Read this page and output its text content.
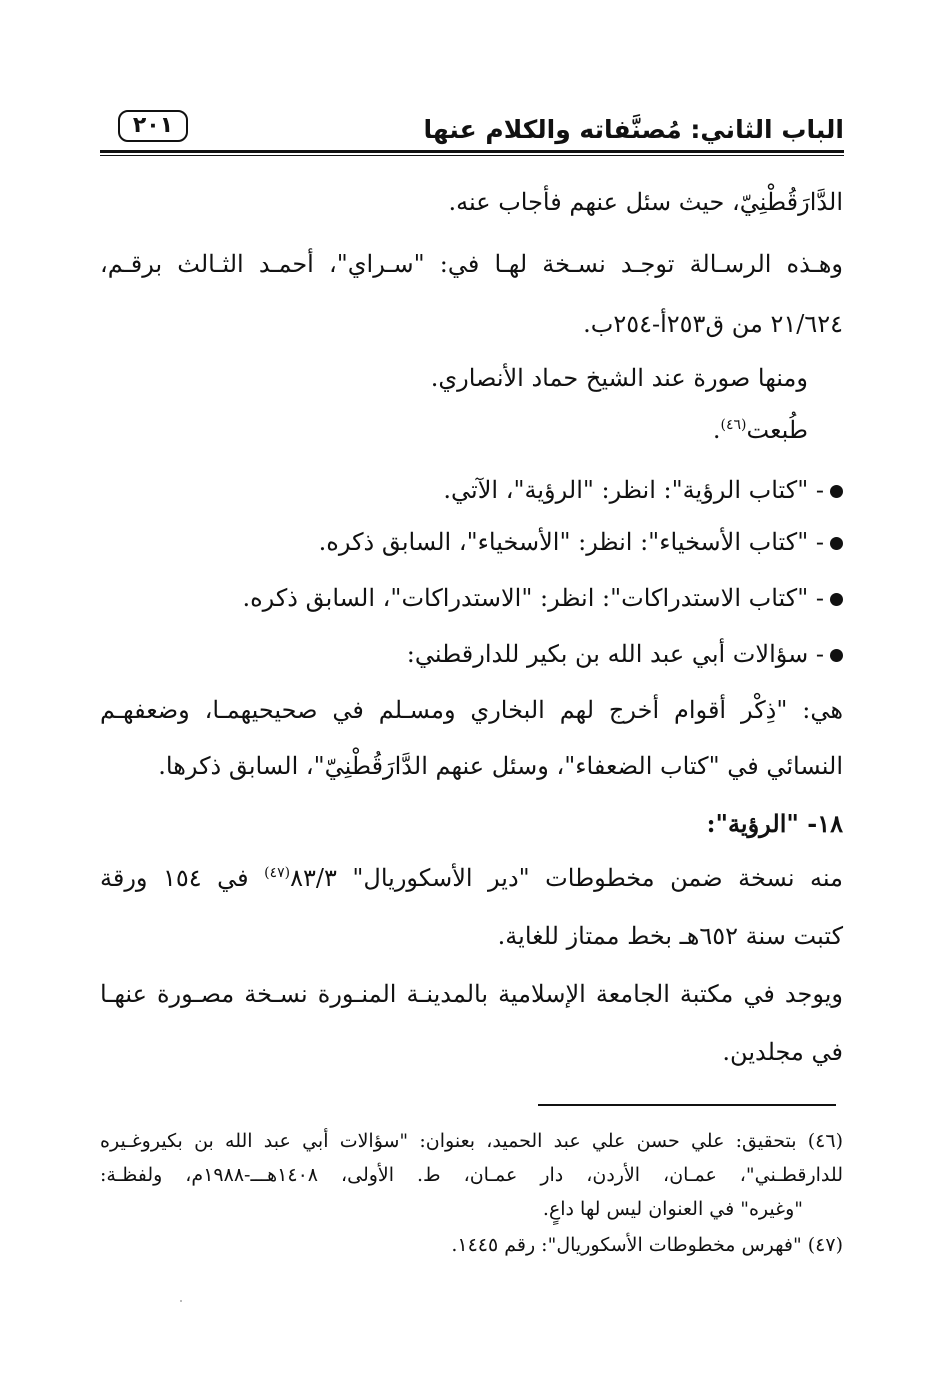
الباب الثاني: مُصنَّفاته والكلام عنها
٢٠١
الدَّارَقُطْنِيّ، حيث سئل عنهم فأجاب عنه.
وهـذه الرسـالة توجـد نسـخة لهـا في: "سـراي"، أحمـد الثـالث برقـم،
٢١/٦٢٤ من ق٢٥٣أ-٢٥٤ب.
ومنها صورة عند الشيخ حماد الأنصاري.
طُبعت$^{(٤٦)}$.
- "كتاب الرؤية": انظر: "الرؤية"، الآتي.
- "كتاب الأسخياء": انظر: "الأسخياء"، السابق ذكره.
- "كتاب الاستدراكات": انظر: "الاستدراكات"، السابق ذكره.
- سؤالات أبي عبد الله بن بكير للدارقطني:
هي: "ذِكْر أقوام أخرج لهم البخاري ومسـلم في صحيحيهمـا، وضعفهـم
النسائي في "كتاب الضعفاء"، وسئل عنهم الدَّارَقُطْنِيّ"، السابق ذكرها.
١٨- "الرؤية":
منه نسخة ضمن مخطوطات "دير الأسكوريال" ٨٣/٣$^{(٤٧)}$ في ١٥٤ ورقة
كتبت سنة ٦٥٢هـ بخط ممتاز للغاية.
ويوجد في مكتبة الجامعة الإسلامية بالمدينـة المنـورة نسـخة مصـورة عنهـا
في مجلدين.
(٤٦) بتحقيق: علي حسن علي عبد الحميد، بعنوان: "سؤالات أبي عبد الله بن بكيروغـيره
للدارقطـني"، عمـان، الأردن، دار عمـان، ط. الأولى، ١٤٠٨هـــ-١٩٨٨م، ولفظـة:
"وغيره" في العنوان ليس لها داعٍ.
(٤٧) "فهرس مخطوطات الأسكوريال": رقم ١٤٤٥.
